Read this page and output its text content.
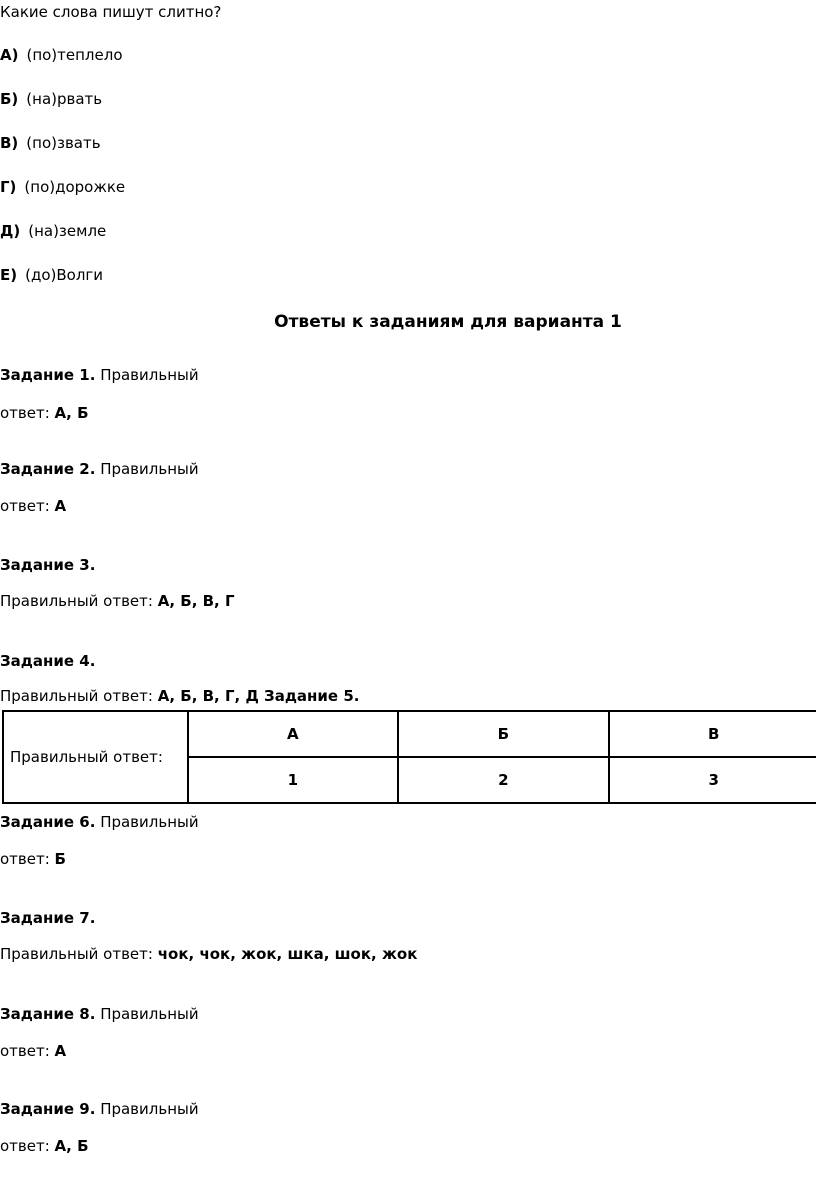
Какие слова пишут слитно?
А) (по)теплело
Б) (на)рвать
В) (по)звать
Г) (по)дорожке
Д) (на)земле
Е) (до)Волги
Ответы к заданиям для варианта 1
Задание 1. Правильный
ответ: А, Б
Задание 2. Правильный
ответ: А
Задание 3.
Правильный ответ: А, Б, В, Г
Задание 4.
Правильный ответ: А, Б, В, Г, Д Задание 5.
Правильный ответ:	А	Б	В
	1	2	3
Задание 6. Правильный
ответ: Б
Задание 7.
Правильный ответ: чок, чок, жок, шка, шок, жок
Задание 8. Правильный
ответ: А
Задание 9. Правильный
ответ: А, Б
